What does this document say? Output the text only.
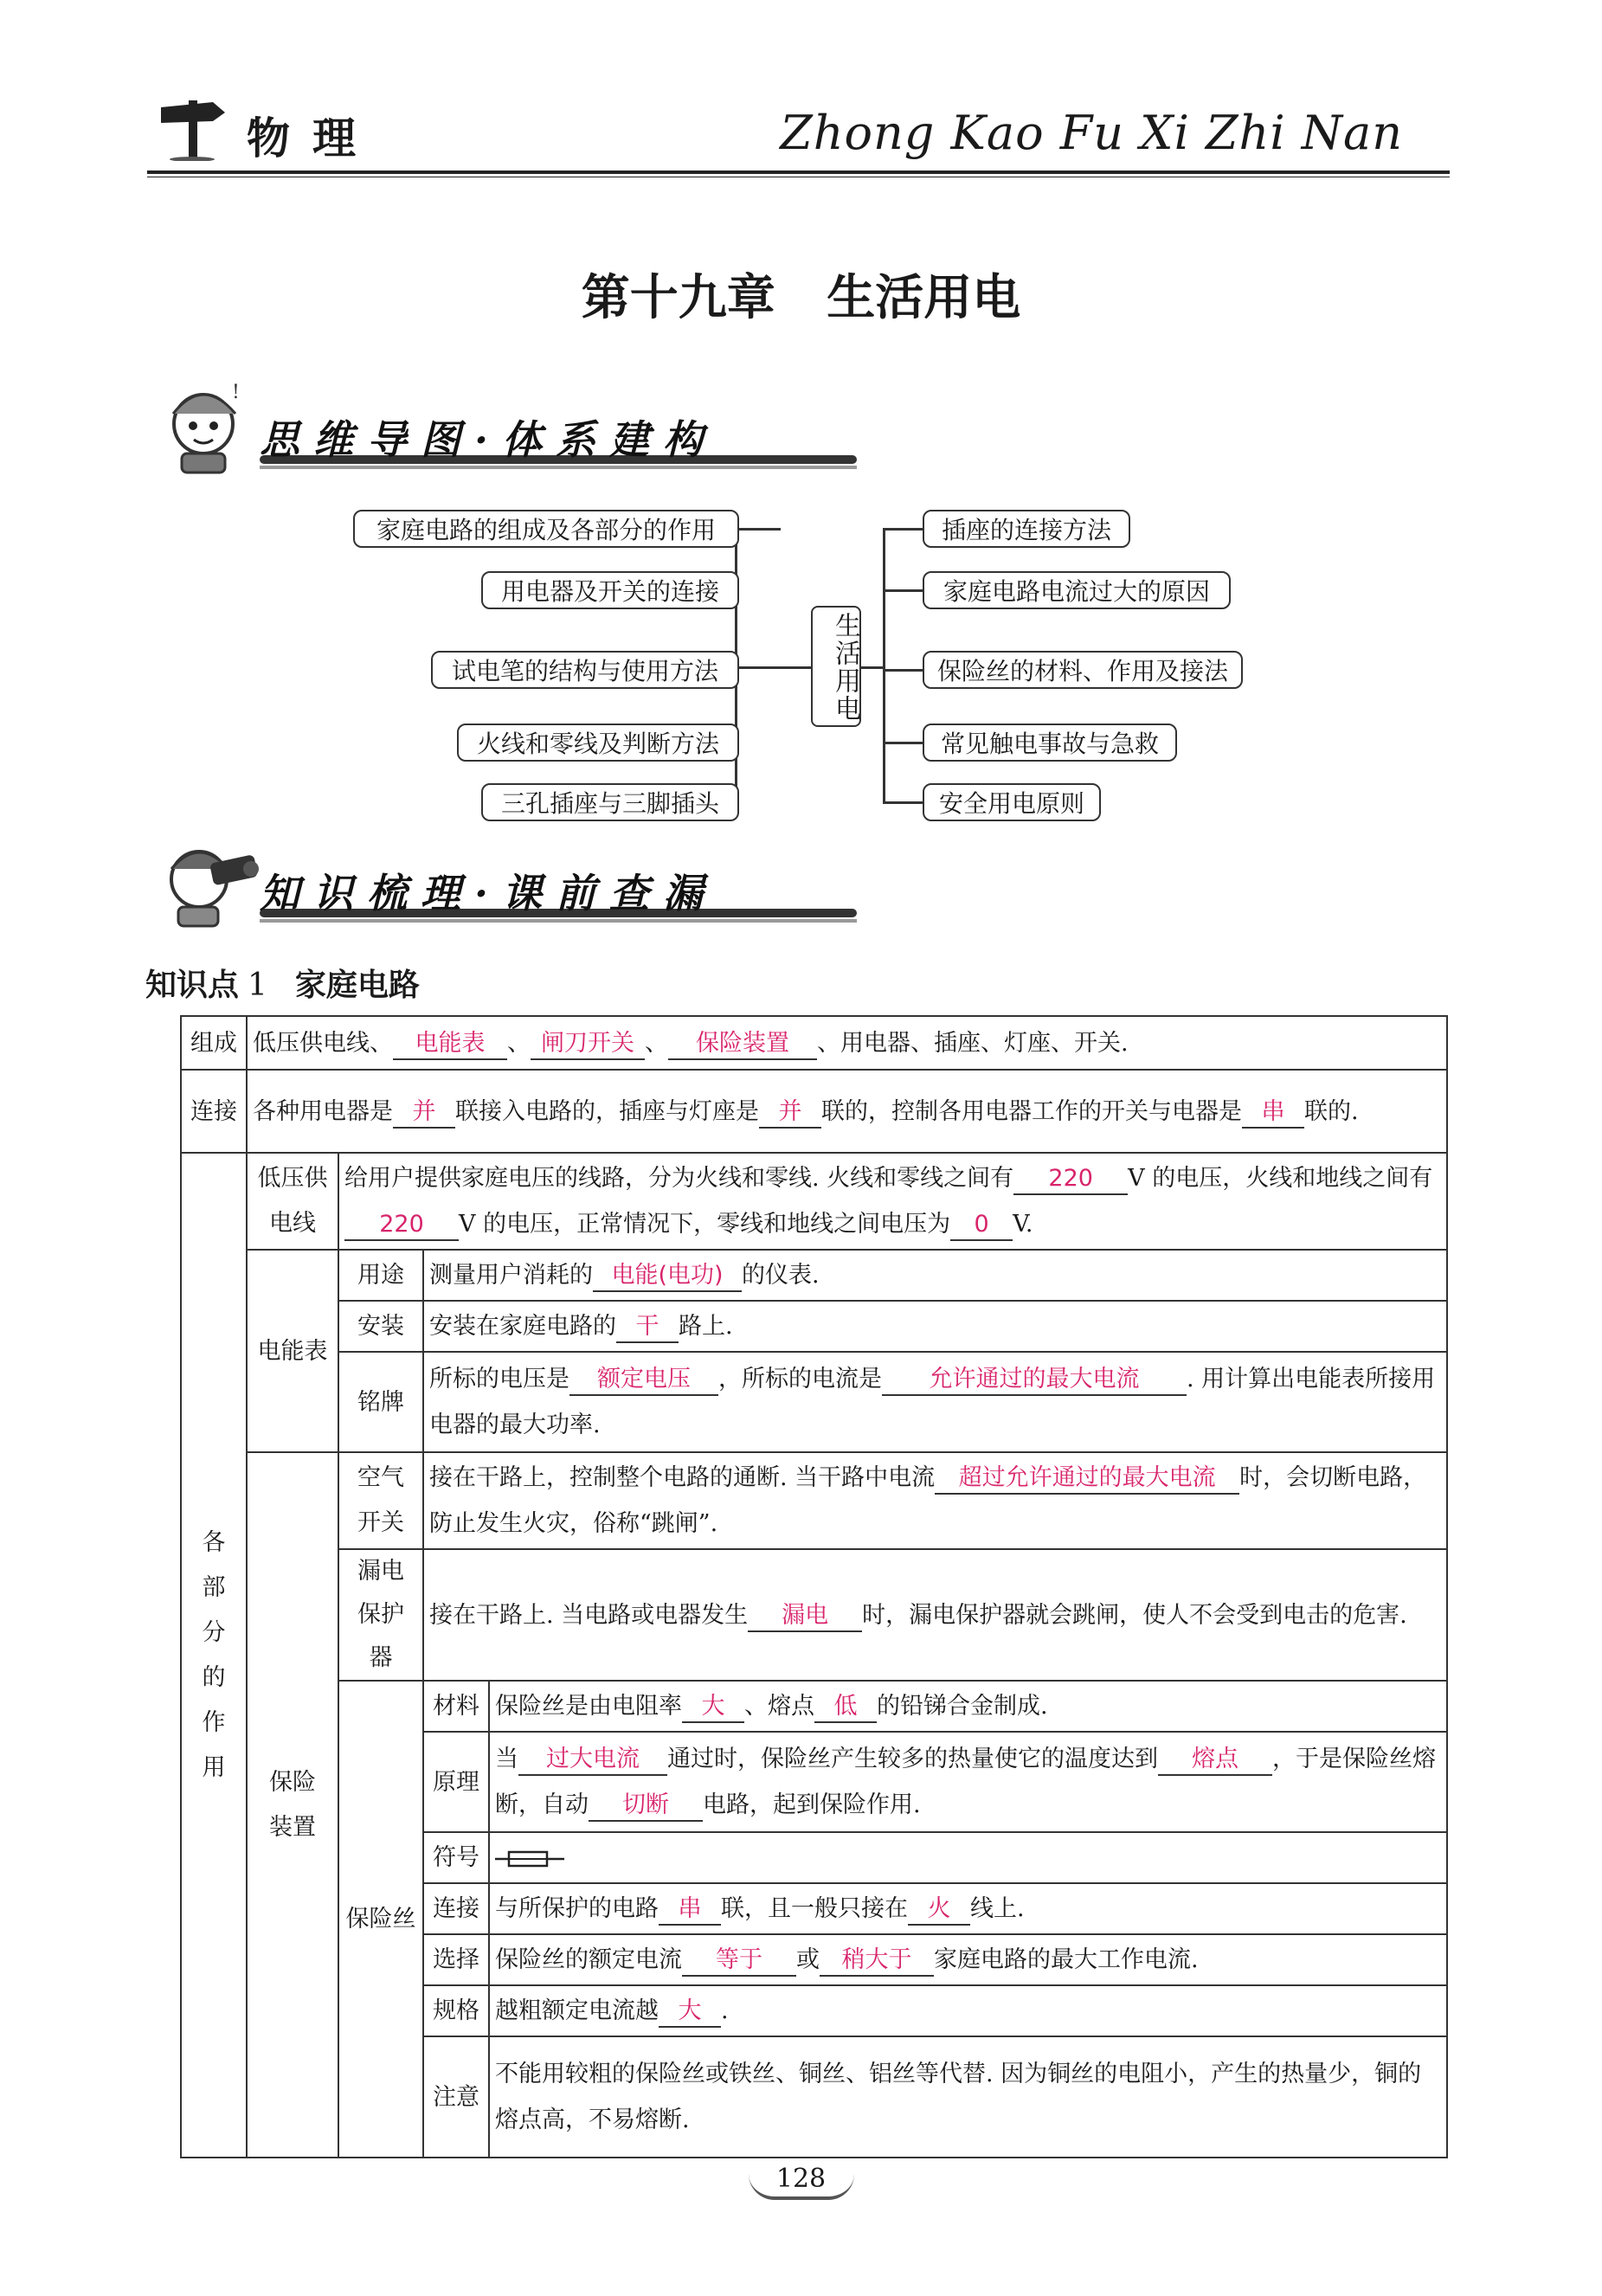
物理	Zhong Kao Fu Xi Zhi Nan
第十九章 生活用电
!
思维导图·体系建构
家庭电路的组成及各部分的作用
用电器及开关的连接
试电笔的结构与使用方法
火线和零线及判断方法
三孔插座与三脚插头
生活用电
插座的连接方法
家庭电路电流过大的原因
保险丝的材料、作用及接法
常见触电事故与急救
安全用电原则
知识梳理·课前查漏
知识点 1 家庭电路
组成	低压供电线、 电能表 、 闸刀开关 、 保险装置 、用电器、插座、灯座、开关.			
连接	各种用电器是 并 联接入电路的，插座与灯座是 并 联的，控制各用电器工作的开关与电器是 串 联的.			
各部分的作用	低压供电线	给用户提供家庭电压的线路，分为火线和零线. 火线和零线之间有 220 V 的电压，火线和地线之间有220 V 的电压，正常情况下，零线和地线之间电压为 0 V.		
	电能表	用途	测量用户消耗的 电能(电功) 的仪表.	
		安装	安装在家庭电路的 干 路上.	
		铭牌	所标的电压是 额定电压 ，所标的电流是 允许通过的最大电流 . 用计算出电能表所接用电器的最大功率.	
	保险装置	空气开关	接在干路上，控制整个电路的通断. 当干路中电流 超过允许通过的最大电流 时，会切断电路，防止发生火灾，俗称“跳闸”.	
		漏电保护器	接在干路上. 当电路或电器发生 漏电 时，漏电保护器就会跳闸，使人不会受到电击的危害.	
		保险丝	材料	保险丝是由电阻率 大 、熔点 低 的铅锑合金制成.
			原理	当 过大电流 通过时，保险丝产生较多的热量使它的温度达到 熔点 ，于是保险丝熔断，自动 切断 电路，起到保险作用.
			符号	
			连接	与所保护的电路 串 联，且一般只接在 火 线上.
			选择	保险丝的额定电流 等于 或 稍大于 家庭电路的最大工作电流.
			规格	越粗额定电流越 大 .
			注意	不能用较粗的保险丝或铁丝、铜丝、铝丝等代替. 因为铜丝的电阻小，产生的热量少，铜的熔点高，不易熔断.
128
